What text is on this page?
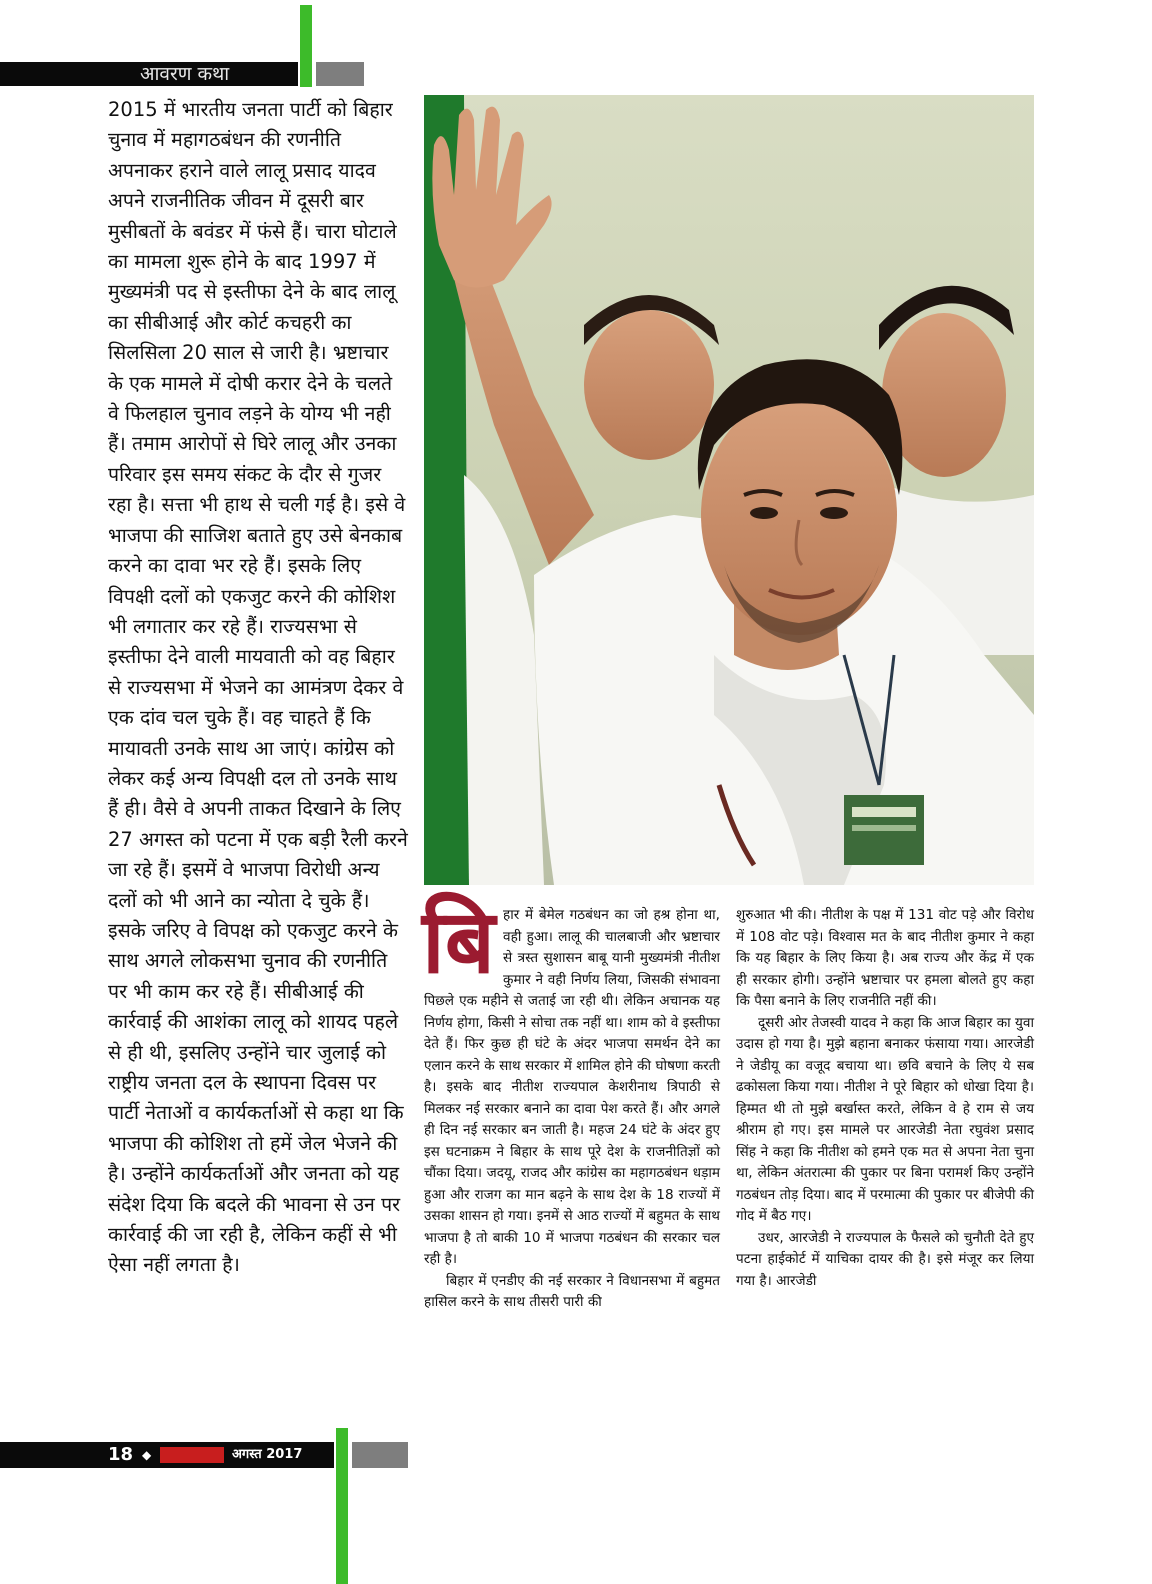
आवरण कथा
2015 में भारतीय जनता पार्टी को बिहार चुनाव में महागठबंधन की रणनीति अपनाकर हराने वाले लालू प्रसाद यादव अपने राजनीतिक जीवन में दूसरी बार मुसीबतों के बवंडर में फंसे हैं। चारा घोटाले का मामला शुरू होने के बाद 1997 में मुख्यमंत्री पद से इस्तीफा देने के बाद लालू का सीबीआई और कोर्ट कचहरी का सिलसिला 20 साल से जारी है। भ्रष्टाचार के एक मामले में दोषी करार देने के चलते वे फिलहाल चुनाव लड़ने के योग्य भी नही हैं। तमाम आरोपों से घिरे लालू और उनका परिवार इस समय संकट के दौर से गुजर रहा है। सत्ता भी हाथ से चली गई है। इसे वे भाजपा की साजिश बताते हुए उसे बेनकाब करने का दावा भर रहे हैं। इसके लिए विपक्षी दलों को एकजुट करने की कोशिश भी लगातार कर रहे हैं। राज्यसभा से इस्तीफा देने वाली मायवाती को वह बिहार से राज्यसभा में भेजने का आमंत्रण देकर वे एक दांव चल चुके हैं। वह चाहते हैं कि मायावती उनके साथ आ जाएं। कांग्रेस को लेकर कई अन्य विपक्षी दल तो उनके साथ हैं ही। वैसे वे अपनी ताकत दिखाने के लिए 27 अगस्त को पटना में एक बड़ी रैली करने जा रहे हैं। इसमें वे भाजपा विरोधी अन्य दलों को भी आने का न्योता दे चुके हैं। इसके जरिए वे विपक्ष को एकजुट करने के साथ अगले लोकसभा चुनाव की रणनीति पर भी काम कर रहे हैं। सीबीआई की कार्रवाई की आशंका लालू को शायद पहले से ही थी, इसलिए उन्होंने चार जुलाई को राष्ट्रीय जनता दल के स्थापना दिवस पर पार्टी नेताओं व कार्यकर्ताओं से कहा था कि भाजपा की कोशिश तो हमें जेल भेजने की है। उन्होंने कार्यकर्ताओं और जनता को यह संदेश दिया कि बदले की भावना से उन पर कार्रवाई की जा रही है, लेकिन कहीं से भी ऐसा नहीं लगता है।

बिहार में बेमेल गठबंधन का जो हश्र होना था, वही हुआ। लालू की चालबाजी और भ्रष्टाचार से त्रस्त सुशासन बाबू यानी मुख्यमंत्री नीतीश कुमार ने वही निर्णय लिया, जिसकी संभावना पिछले एक महीने से जताई जा रही थी। लेकिन अचानक यह निर्णय होगा, किसी ने सोचा तक नहीं था। शाम को वे इस्तीफा देते हैं। फिर कुछ ही घंटे के अंदर भाजपा समर्थन देने का एलान करने के साथ सरकार में शामिल होने की घोषणा करती है। इसके बाद नीतीश राज्यपाल केशरीनाथ त्रिपाठी से मिलकर नई सरकार बनाने का दावा पेश करते हैं। और अगले ही दिन नई सरकार बन जाती है। महज 24 घंटे के अंदर हुए इस घटनाक्रम ने बिहार के साथ पूरे देश के राजनीतिज्ञों को चौंका दिया। जदयू, राजद और कांग्रेस का महागठबंधन धड़ाम हुआ और राजग का मान बढ़ने के साथ देश के 18 राज्यों में उसका शासन हो गया। इनमें से आठ राज्यों में बहुमत के साथ भाजपा है तो बाकी 10 में भाजपा गठबंधन की सरकार चल रही है।

बिहार में एनडीए की नई सरकार ने विधानसभा में बहुमत हासिल करने के साथ तीसरी पारी की

शुरुआत भी की। नीतीश के पक्ष में 131 वोट पड़े और विरोध में 108 वोट पड़े। विश्वास मत के बाद नीतीश कुमार ने कहा कि यह बिहार के लिए किया है। अब राज्य और केंद्र में एक ही सरकार होगी। उन्होंने भ्रष्टाचार पर हमला बोलते हुए कहा कि पैसा बनाने के लिए राजनीति नहीं की।

दूसरी ओर तेजस्वी यादव ने कहा कि आज बिहार का युवा उदास हो गया है। मुझे बहाना बनाकर फंसाया गया। आरजेडी ने जेडीयू का वजूद बचाया था। छवि बचाने के लिए ये सब ढकोसला किया गया। नीतीश ने पूरे बिहार को धोखा दिया है। हिम्मत थी तो मुझे बर्खास्त करते, लेकिन वे हे राम से जय श्रीराम हो गए। इस मामले पर आरजेडी नेता रघुवंश प्रसाद सिंह ने कहा कि नीतीश को हमने एक मत से अपना नेता चुना था, लेकिन अंतरात्मा की पुकार पर बिना परामर्श किए उन्होंने गठबंधन तोड़ दिया। बाद में परमात्मा की पुकार पर बीजेपी की गोद में बैठ गए।

उधर, आरजेडी ने राज्यपाल के फैसले को चुनौती देते हुए पटना हाईकोर्ट में याचिका दायर की है। इसे मंजूर कर लिया गया है। आरजेडी

18 ◆	अगस्त 2017
